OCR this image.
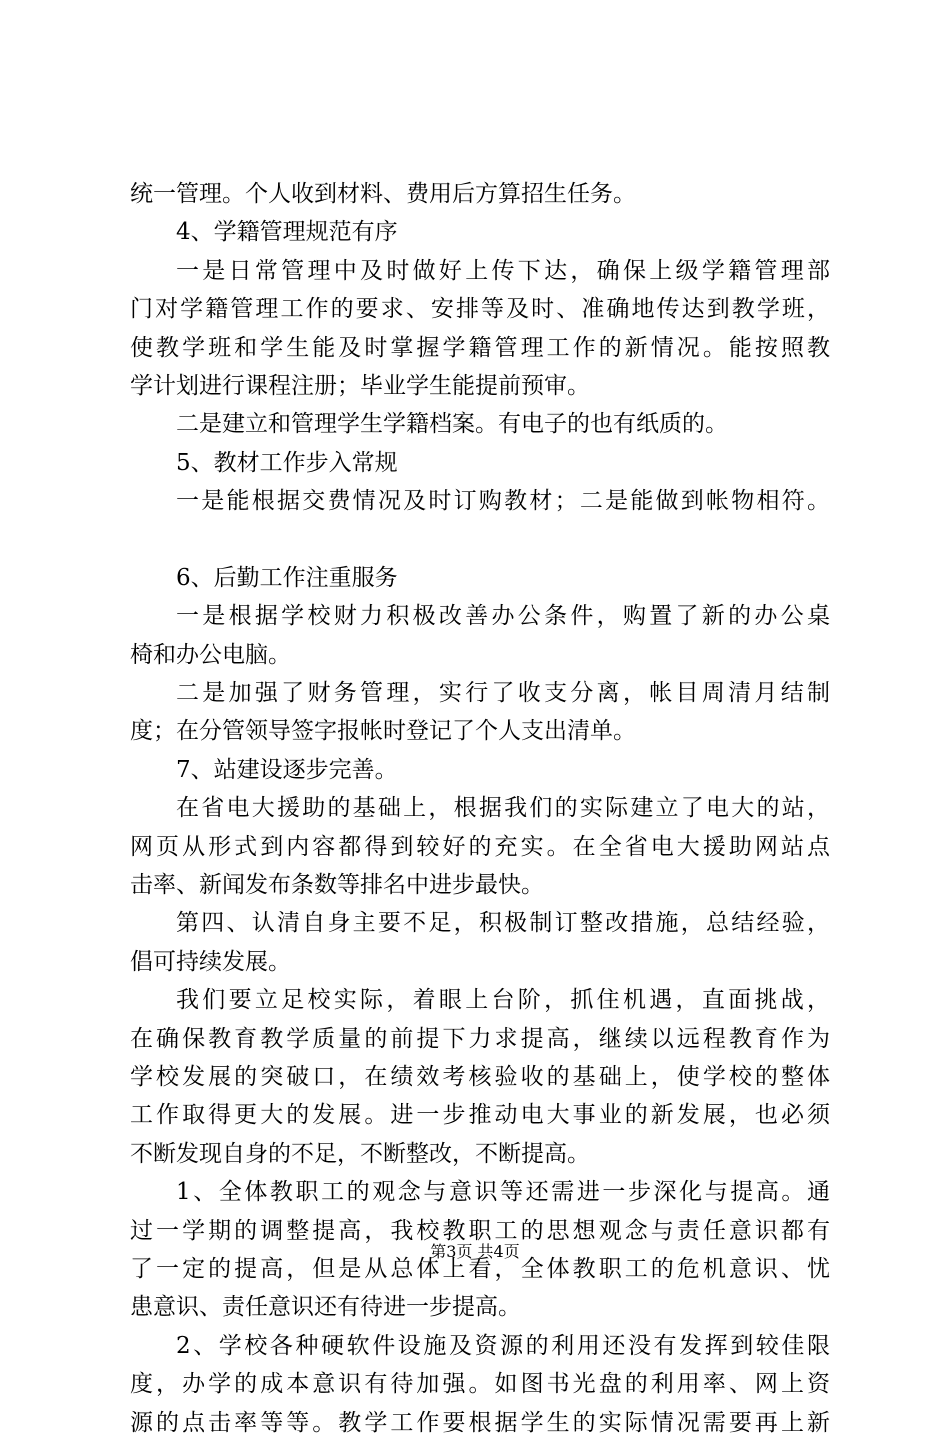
统一管理。个人收到材料、费用后方算招生任务。
4、学籍管理规范有序
一是日常管理中及时做好上传下达，确保上级学籍管理部
门对学籍管理工作的要求、安排等及时、准确地传达到教学班，
使教学班和学生能及时掌握学籍管理工作的新情况。能按照教
学计划进行课程注册；毕业学生能提前预审。
二是建立和管理学生学籍档案。有电子的也有纸质的。
5、教材工作步入常规
一是能根据交费情况及时订购教材；二是能做到帐物相符。
6、后勤工作注重服务
一是根据学校财力积极改善办公条件，购置了新的办公桌
椅和办公电脑。
二是加强了财务管理，实行了收支分离，帐目周清月结制
度；在分管领导签字报帐时登记了个人支出清单。
7、站建设逐步完善。
在省电大援助的基础上，根据我们的实际建立了电大的站，
网页从形式到内容都得到较好的充实。在全省电大援助网站点
击率、新闻发布条数等排名中进步最快。
第四、认清自身主要不足，积极制订整改措施，总结经验，
倡可持续发展。
我们要立足校实际，着眼上台阶，抓住机遇，直面挑战，
在确保教育教学质量的前提下力求提高，继续以远程教育作为
学校发展的突破口，在绩效考核验收的基础上，使学校的整体
工作取得更大的发展。进一步推动电大事业的新发展，也必须
不断发现自身的不足，不断整改，不断提高。
1、全体教职工的观念与意识等还需进一步深化与提高。通
过一学期的调整提高，我校教职工的思想观念与责任意识都有
了一定的提高，但是从总体上看，全体教职工的危机意识、忧
患意识、责任意识还有待进一步提高。
2、学校各种硬软件设施及资源的利用还没有发挥到较佳限
度，办学的成本意识有待加强。如图书光盘的利用率、网上资
源的点击率等等。教学工作要根据学生的实际情况需要再上新
第3页 共4页
